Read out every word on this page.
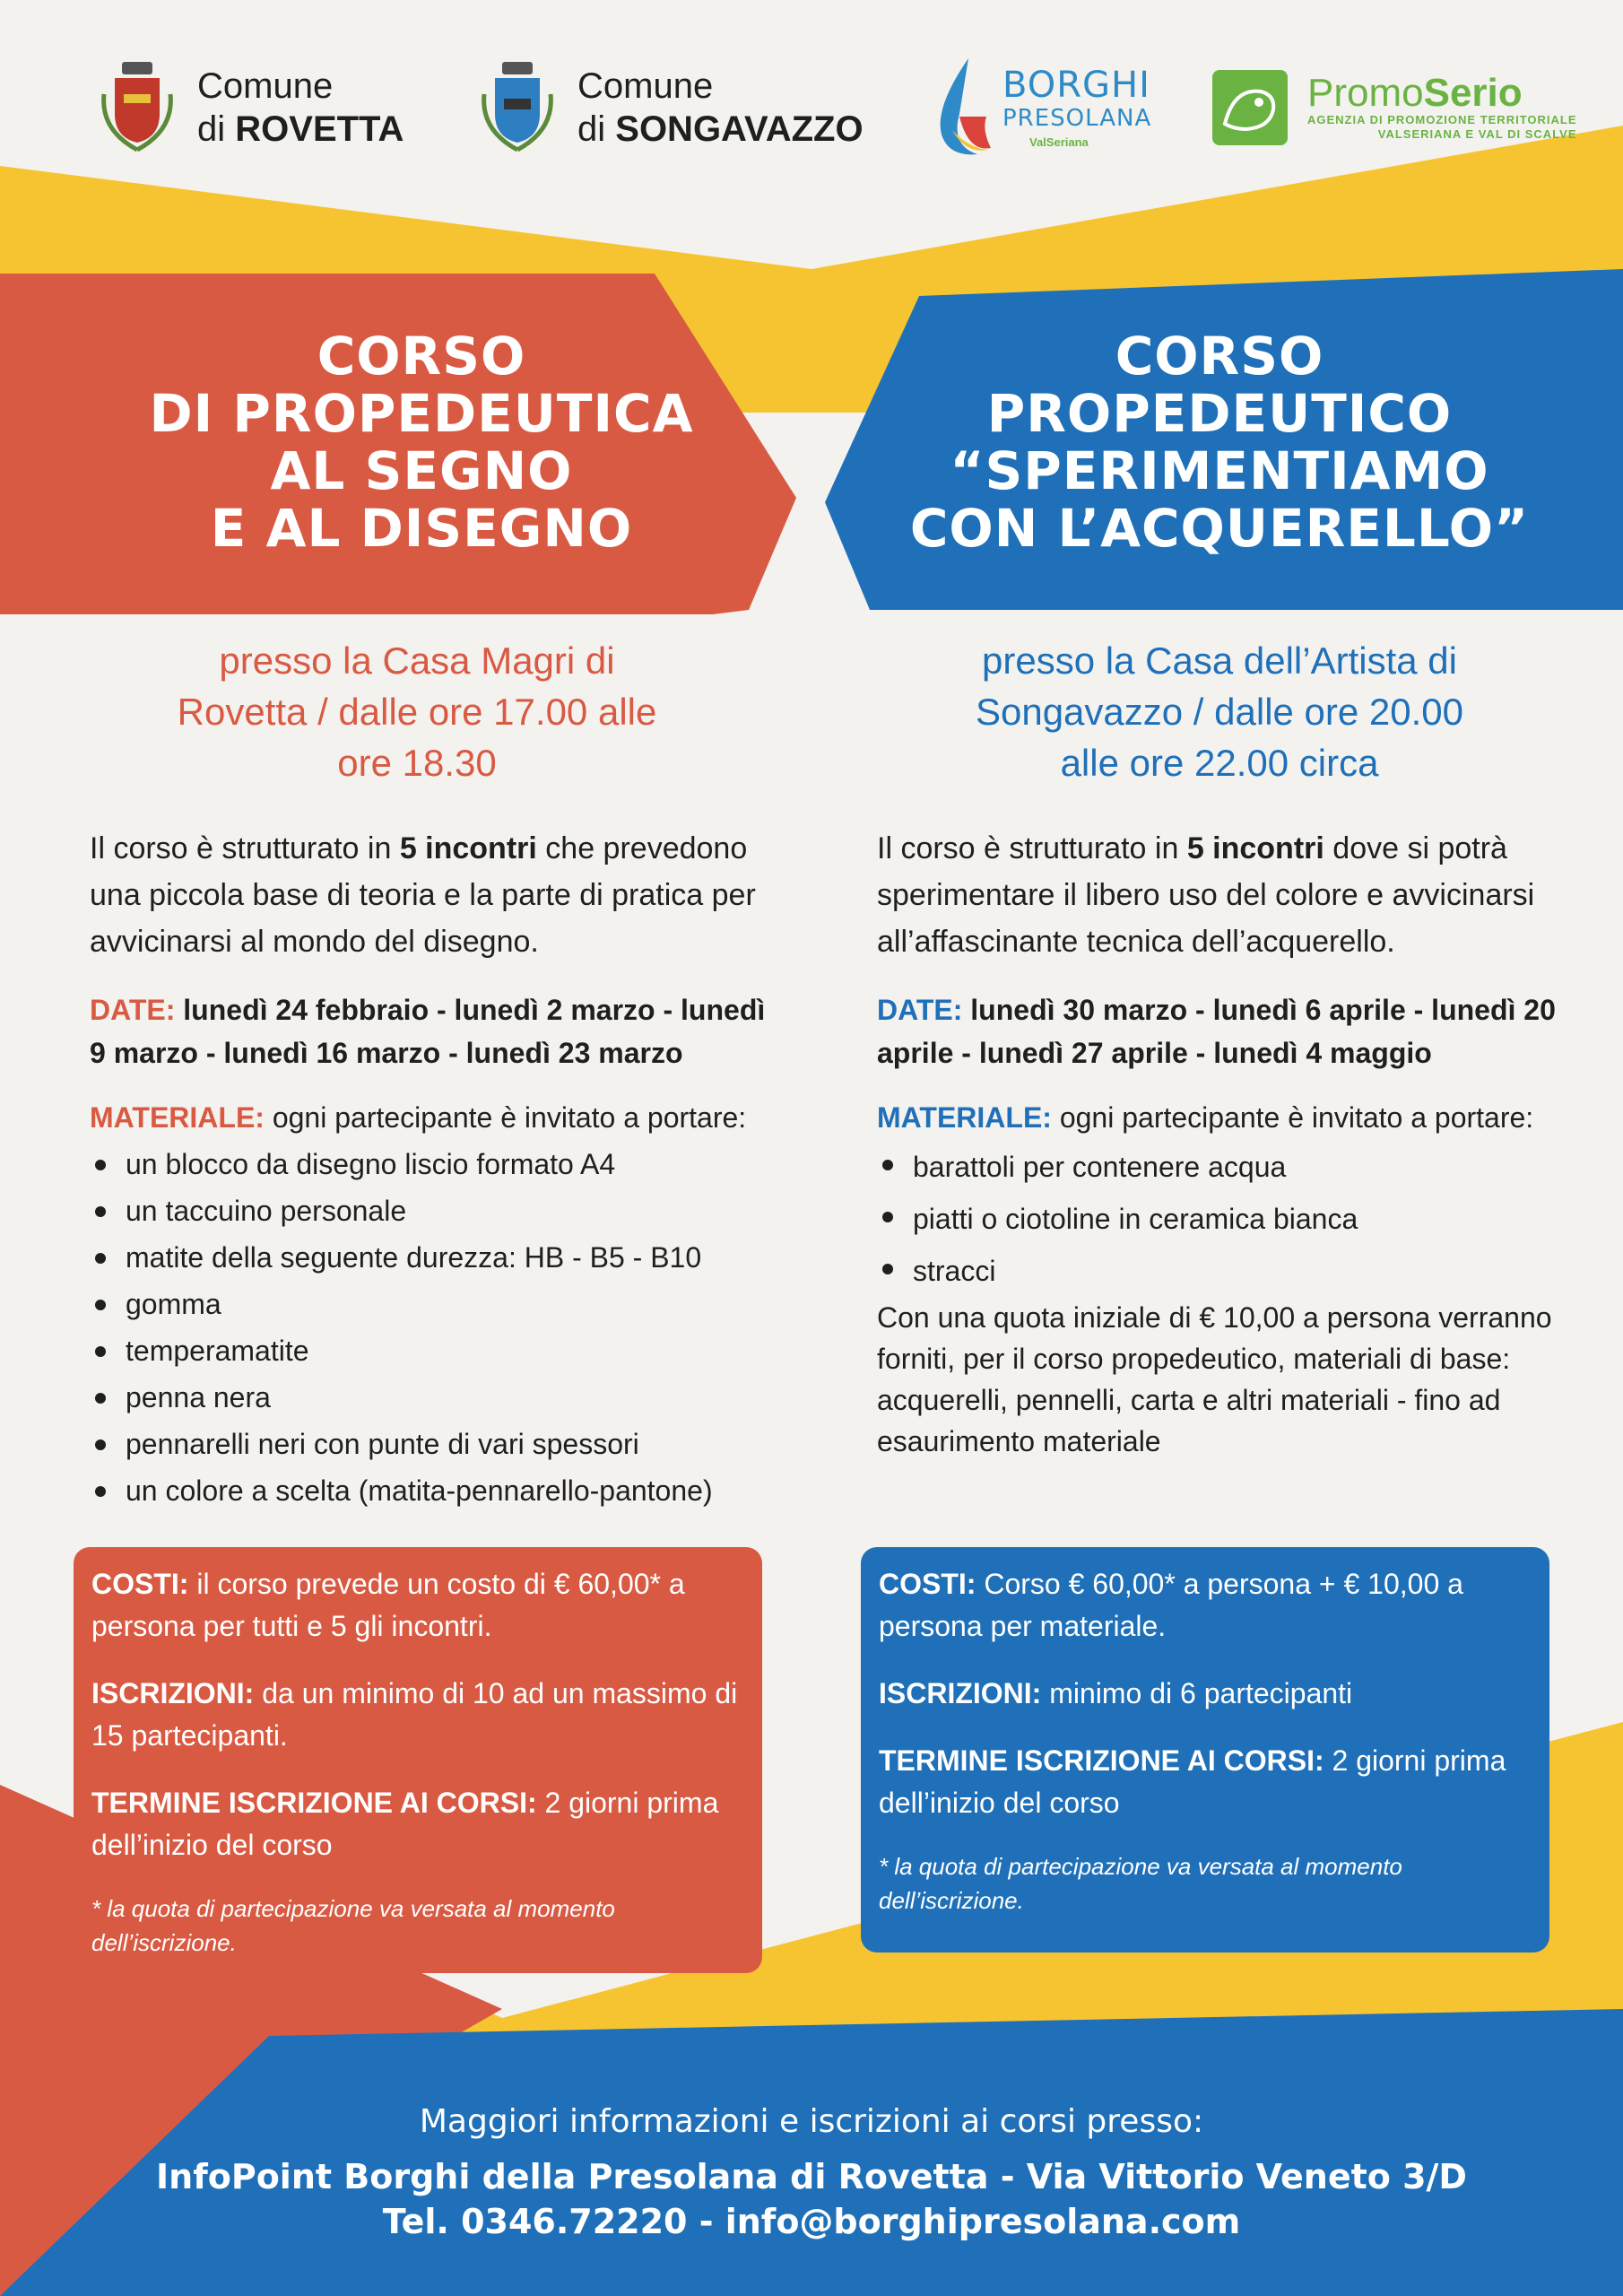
Comune
di ROVETTA
Comune
di SONGAVAZZO
BORGHI
PRESOLANA
ValSeriana
PromoSerio
AGENZIA DI PROMOZIONE TERRITORIALE
VALSERIANA E VAL DI SCALVE
CORSO
DI PROPEDEUTICA
AL SEGNO
E AL DISEGNO
CORSO
PROPEDEUTICO
“SPERIMENTIAMO
CON L’ACQUERELLO”
presso la Casa Magri di
Rovetta / dalle ore 17.00 alle
ore 18.30
presso la Casa dell’Artista di
Songavazzo / dalle ore 20.00
alle ore 22.00 circa

Il corso è strutturato in 5 incontri che prevedono una piccola base di teoria e la parte di pratica per avvicinarsi al mondo del disegno.

DATE: lunedì 24 febbraio - lunedì 2 marzo - lunedì 9 marzo - lunedì 16 marzo - lunedì 23 marzo

MATERIALE: ogni partecipante è invitato a portare:

un blocco da disegno liscio formato A4
un taccuino personale
matite della seguente durezza: HB - B5 - B10
gomma
temperamatite
penna nera
pennarelli neri con punte di vari spessori
un colore a scelta (matita-pennarello-pantone)

Il corso è strutturato in 5 incontri dove si potrà sperimentare il libero uso del colore e avvicinarsi all’affascinante tecnica dell’acquerello.

DATE: lunedì 30 marzo - lunedì 6 aprile - lunedì 20 aprile - lunedì 27 aprile - lunedì 4 maggio

MATERIALE: ogni partecipante è invitato a portare:

barattoli per contenere acqua
piatti o ciotoline in ceramica bianca
stracci

Con una quota iniziale di € 10,00 a persona verranno forniti, per il corso propedeutico, materiali di base: acquerelli, pennelli, carta e altri materiali - fino ad esaurimento materiale

COSTI: il corso prevede un costo di € 60,00* a persona per tutti e 5 gli incontri.

ISCRIZIONI: da un minimo di 10 ad un massimo di 15 partecipanti.

TERMINE ISCRIZIONE AI CORSI: 2 giorni prima dell’inizio del corso

* la quota di partecipazione va versata al momento dell’iscrizione.

COSTI: Corso € 60,00* a persona + € 10,00 a persona per materiale.

ISCRIZIONI: minimo di 6 partecipanti

TERMINE ISCRIZIONE AI CORSI: 2 giorni prima dell’inizio del corso

* la quota di partecipazione va versata al momento dell’iscrizione.

Maggiori informazioni e iscrizioni ai corsi presso:
InfoPoint Borghi della Presolana di Rovetta - Via Vittorio Veneto 3/D
Tel. 0346.72220 - info@borghipresolana.com
